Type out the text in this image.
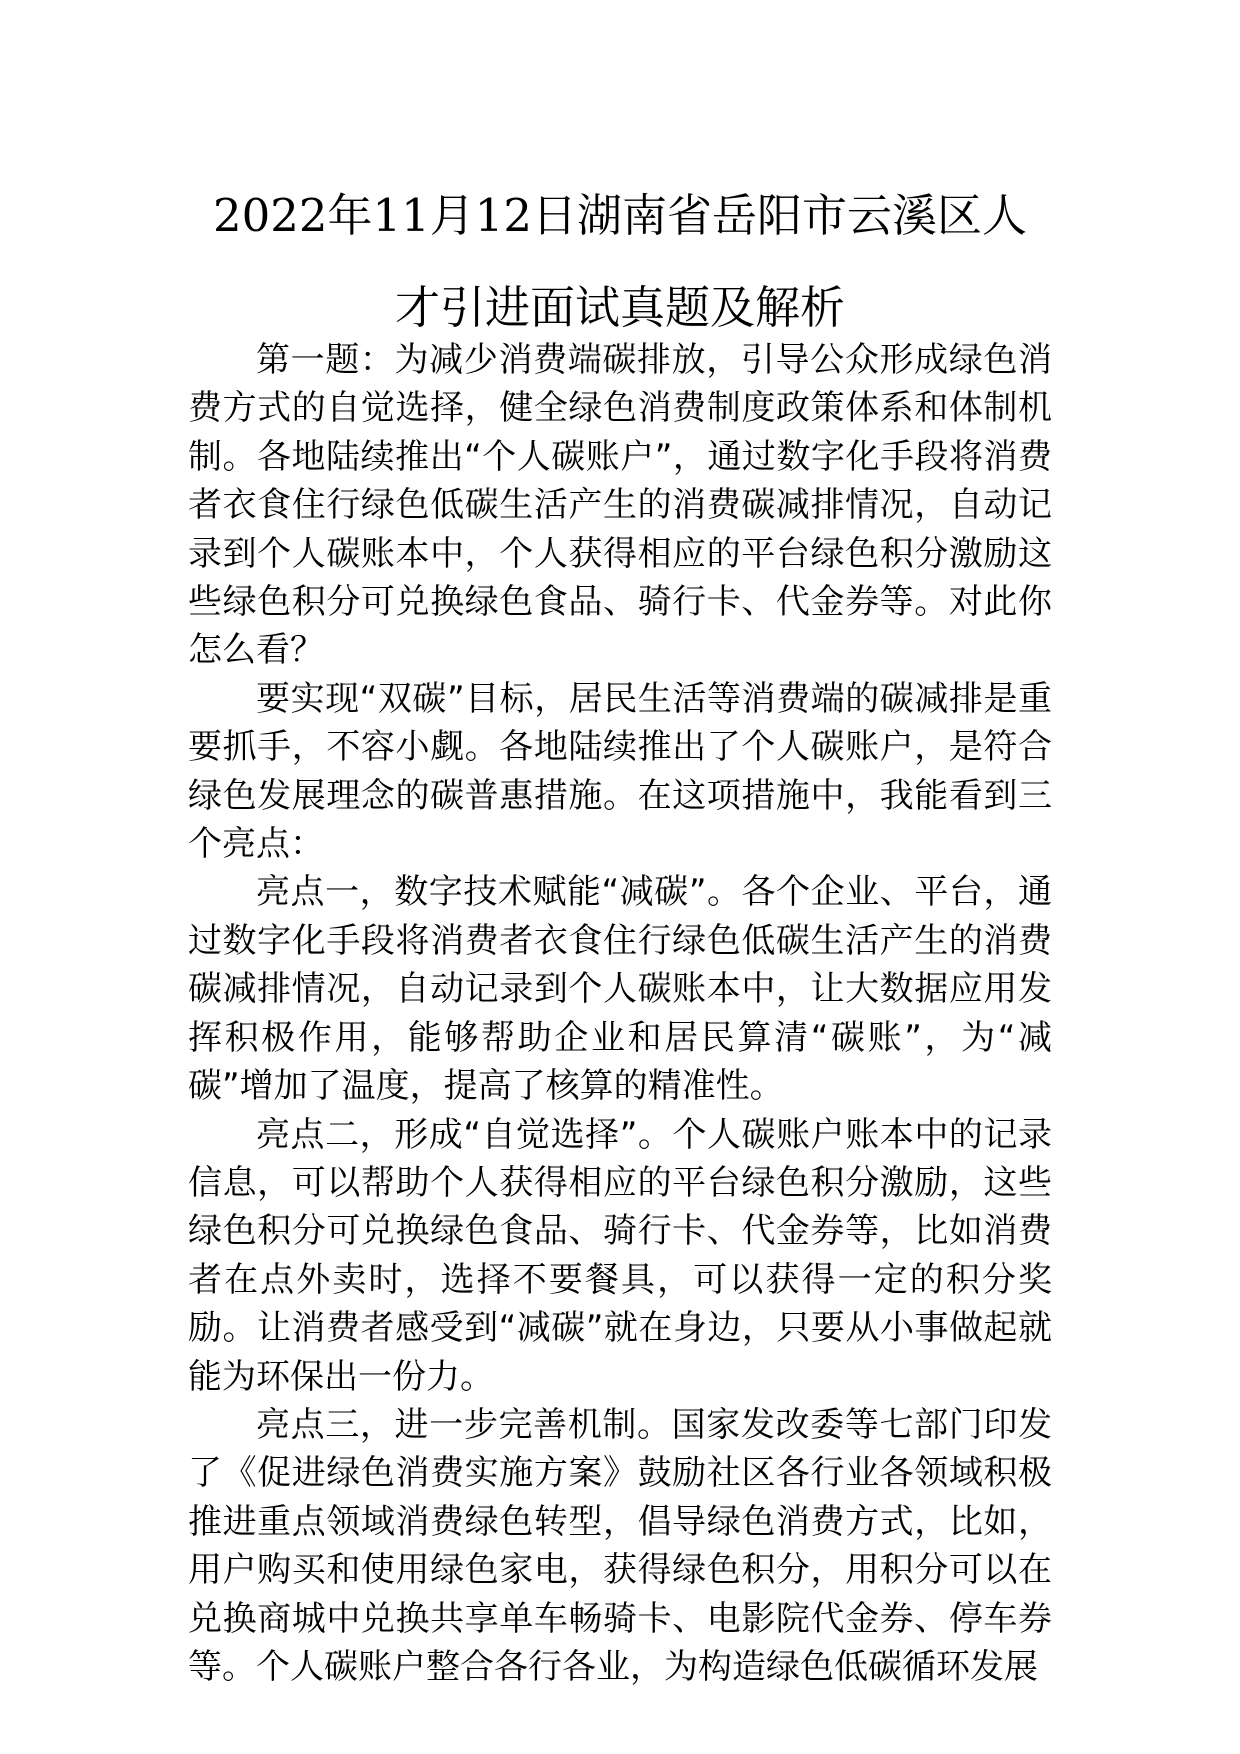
2022年11月12日湖南省岳阳市云溪区人
才引进面试真题及解析

第一题：为减少消费端碳排放，引导公众形成绿色消费方式的自觉选择，健全绿色消费制度政策体系和体制机制。各地陆续推出“个人碳账户”，通过数字化手段将消费者衣食住行绿色低碳生活产生的消费碳减排情况，自动记录到个人碳账本中，个人获得相应的平台绿色积分激励这些绿色积分可兑换绿色食品、骑行卡、代金券等。对此你怎么看？

要实现“双碳”目标，居民生活等消费端的碳减排是重要抓手，不容小觑。各地陆续推出了个人碳账户，是符合绿色发展理念的碳普惠措施。在这项措施中，我能看到三个亮点：

亮点一，数字技术赋能“减碳”。各个企业、平台，通过数字化手段将消费者衣食住行绿色低碳生活产生的消费碳减排情况，自动记录到个人碳账本中，让大数据应用发挥积极作用，能够帮助企业和居民算清“碳账”，为“减碳”增加了温度，提高了核算的精准性。

亮点二，形成“自觉选择”。个人碳账户账本中的记录信息，可以帮助个人获得相应的平台绿色积分激励，这些绿色积分可兑换绿色食品、骑行卡、代金券等，比如消费者在点外卖时，选择不要餐具，可以获得一定的积分奖励。让消费者感受到“减碳”就在身边，只要从小事做起就能为环保出一份力。

亮点三，进一步完善机制。国家发改委等七部门印发了《促进绿色消费实施方案》鼓励社区各行业各领域积极推进重点领域消费绿色转型，倡导绿色消费方式，比如，用户购买和使用绿色家电，获得绿色积分，用积分可以在兑换商城中兑换共享单车畅骑卡、电影院代金券、停车券等。个人碳账户整合各行各业，为构造绿色低碳循环发展
